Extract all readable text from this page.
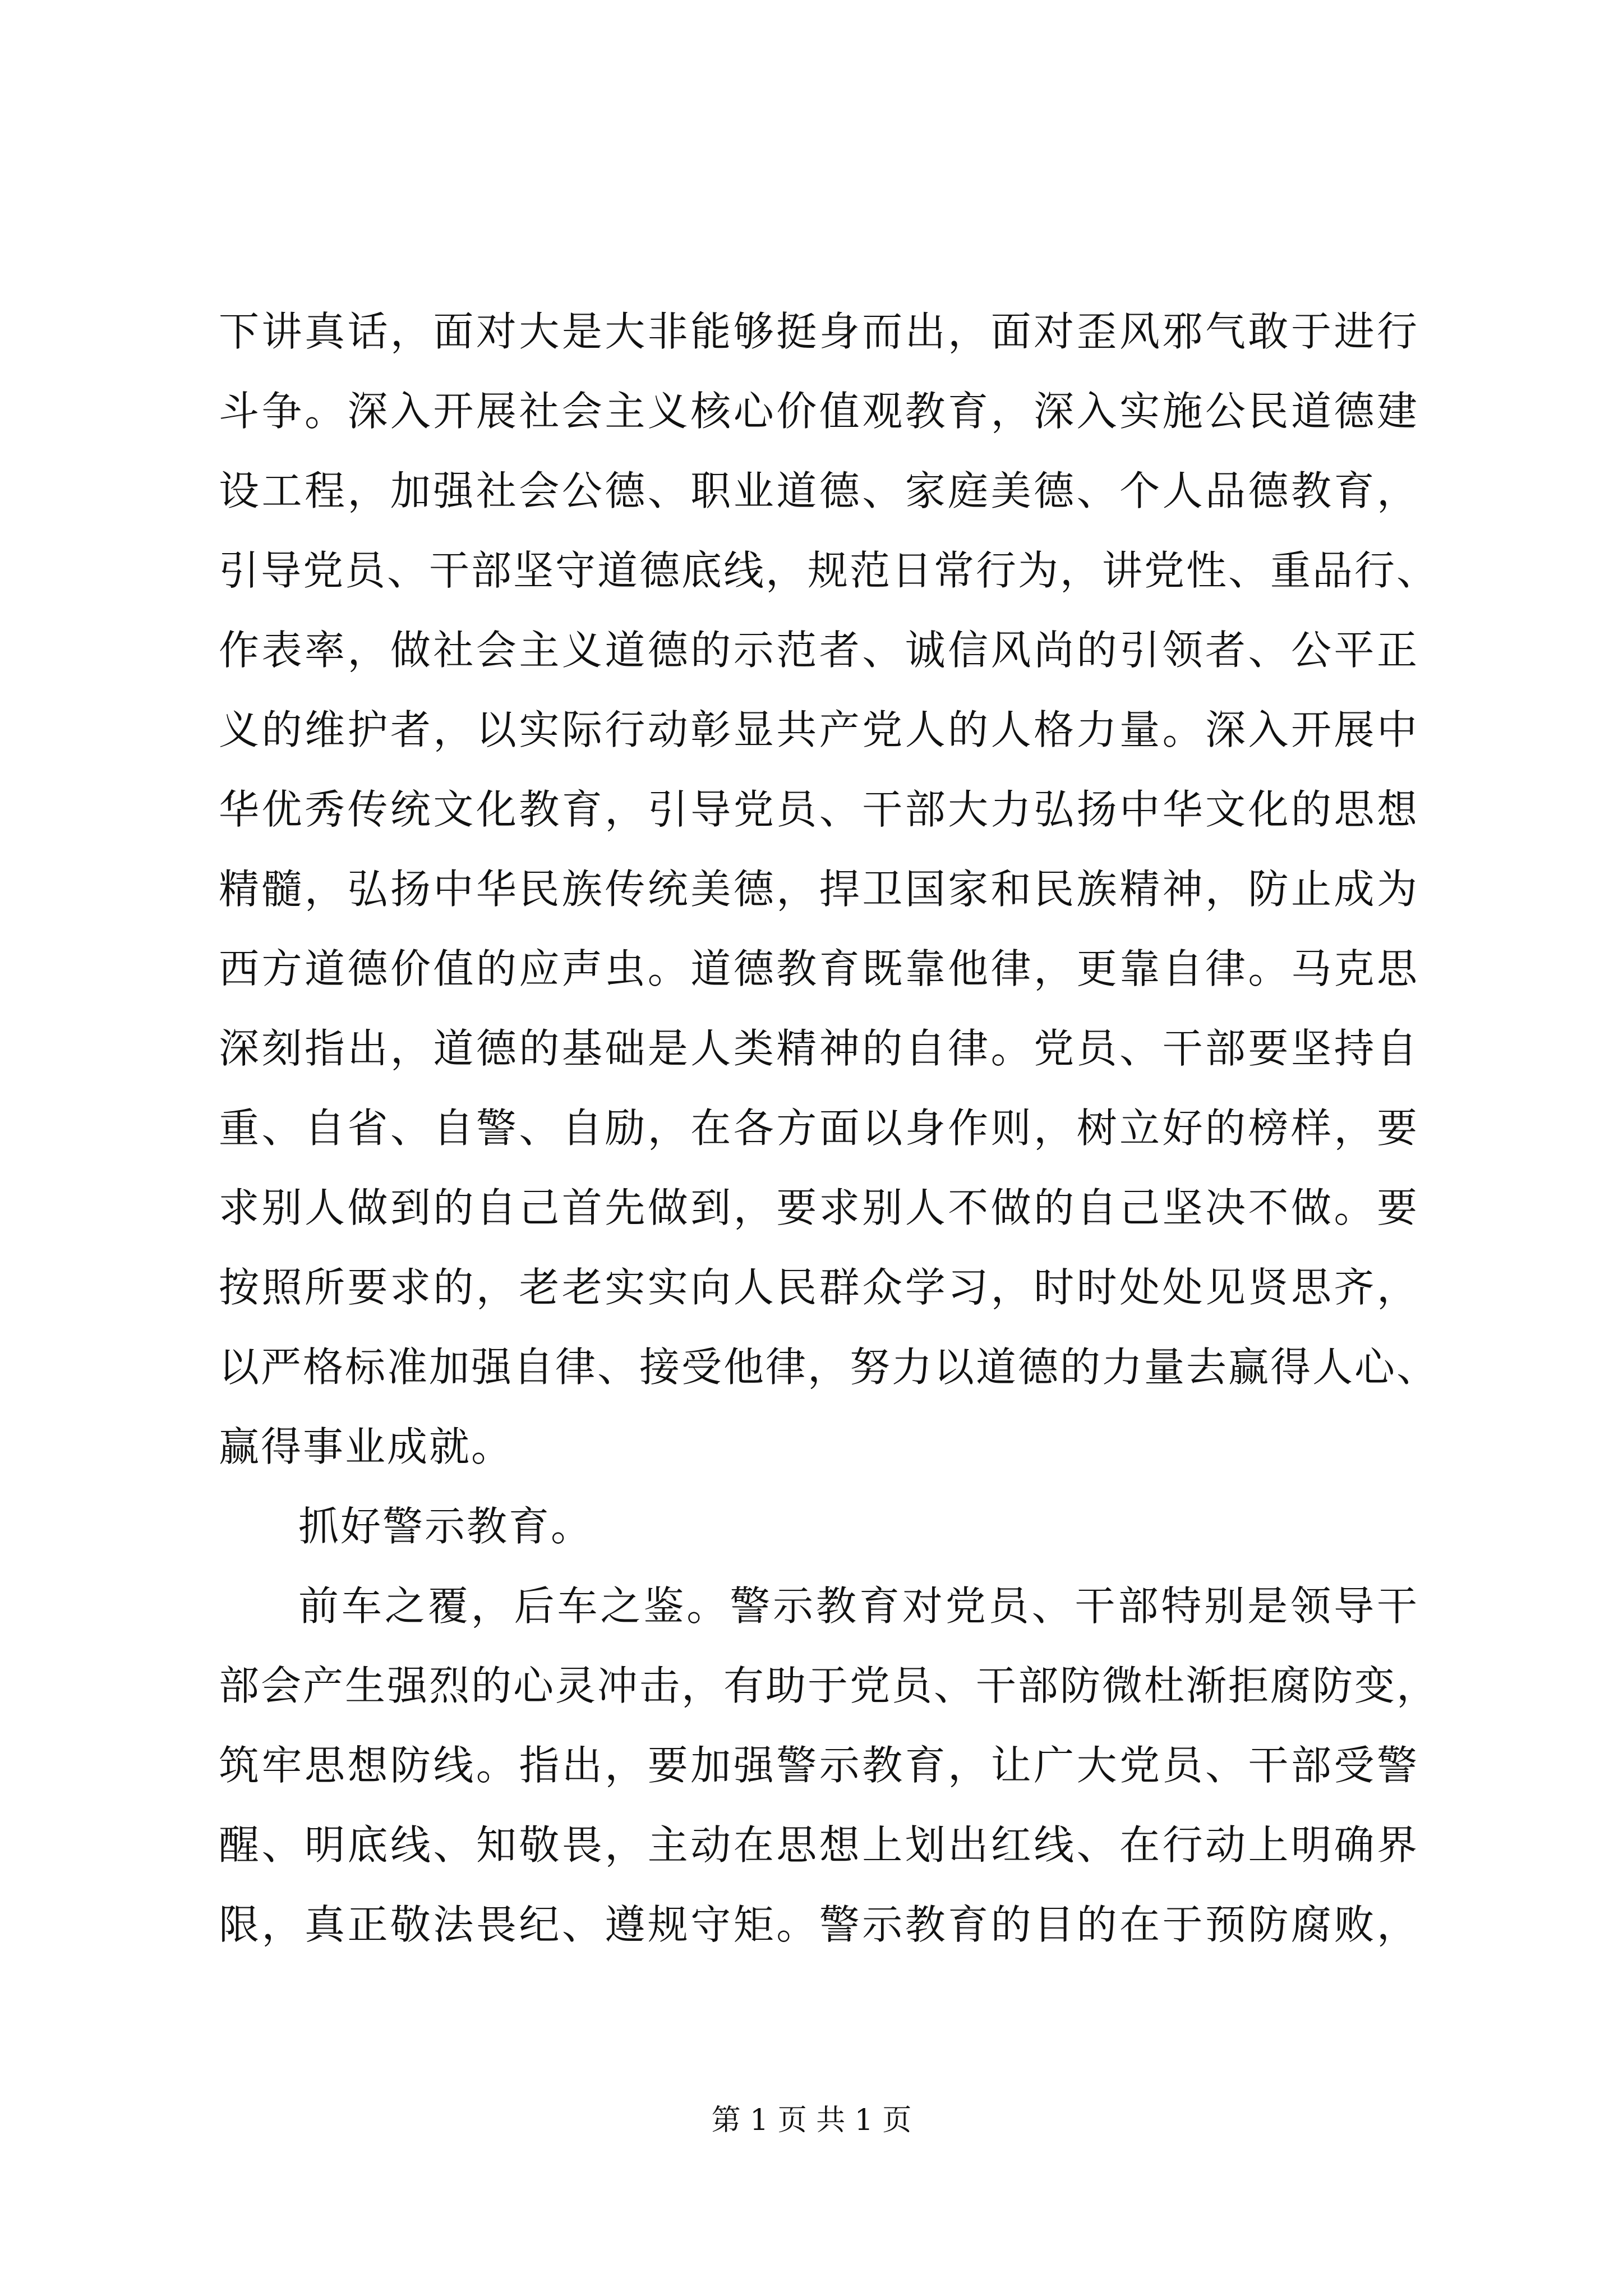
下讲真话，面对大是大非能够挺身而出，面对歪风邪气敢于进行
斗争。深入开展社会主义核心价值观教育，深入实施公民道德建
设工程，加强社会公德、职业道德、家庭美德、个人品德教育，
引导党员、干部坚守道德底线，规范日常行为，讲党性、重品行、
作表率，做社会主义道德的示范者、诚信风尚的引领者、公平正
义的维护者，以实际行动彰显共产党人的人格力量。深入开展中
华优秀传统文化教育，引导党员、干部大力弘扬中华文化的思想
精髓，弘扬中华民族传统美德，捍卫国家和民族精神，防止成为
西方道德价值的应声虫。道德教育既靠他律，更靠自律。马克思
深刻指出，道德的基础是人类精神的自律。党员、干部要坚持自
重、自省、自警、自励，在各方面以身作则，树立好的榜样，要
求别人做到的自己首先做到，要求别人不做的自己坚决不做。要
按照所要求的，老老实实向人民群众学习，时时处处见贤思齐，
以严格标准加强自律、接受他律，努力以道德的力量去赢得人心、
赢得事业成就。
抓好警示教育。
前车之覆，后车之鉴。警示教育对党员、干部特别是领导干
部会产生强烈的心灵冲击，有助于党员、干部防微杜渐拒腐防变，
筑牢思想防线。指出，要加强警示教育，让广大党员、干部受警
醒、明底线、知敬畏，主动在思想上划出红线、在行动上明确界
限，真正敬法畏纪、遵规守矩。警示教育的目的在于预防腐败，
第 1 页 共 1 页
